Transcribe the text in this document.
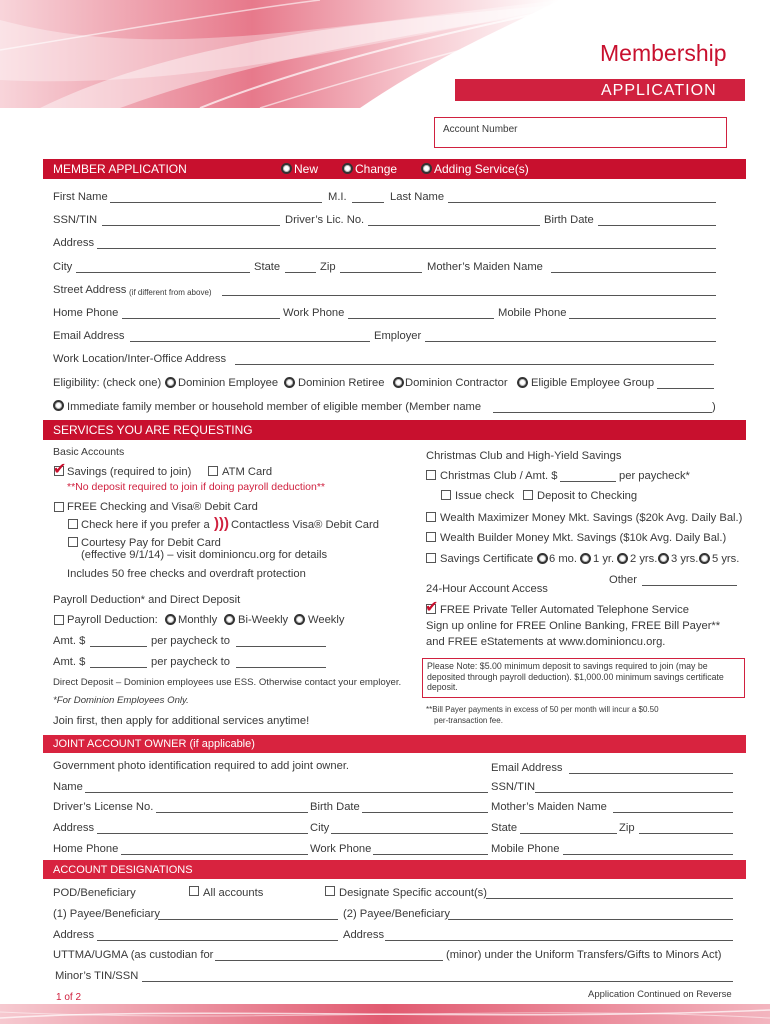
Membership
APPLICATION
Account Number
MEMBER APPLICATION	New	Change	Adding Service(s)
First Name	M.I.	Last Name
SSN/TIN	Driver’s Lic. No.	Birth Date
Address
City	State	Zip	Mother’s Maiden Name
Street Address (if different from above)
Home Phone	Work Phone	Mobile Phone
Email Address	Employer
Work Location/Inter-Office Address
Eligibility: (check one) Dominion Employee Dominion Retiree Dominion Contractor Eligible Employee Group
Immediate family member or household member of eligible member (Member name	)
SERVICES YOU ARE REQUESTING
Basic Accounts
✔ Savings (required to join)	ATM Card
**No deposit required to join if doing payroll deduction**
FREE Checking and Visa® Debit Card
Check here if you prefer a ))) Contactless Visa® Debit Card
Courtesy Pay for Debit Card
(effective 9/1/14) – visit dominioncu.org for details
Includes 50 free checks and overdraft protection
Payroll Deduction* and Direct Deposit
Payroll Deduction: Monthly Bi-Weekly Weekly
Amt. $	per paycheck to
Amt. $	per paycheck to
Direct Deposit – Dominion employees use ESS. Otherwise contact your employer.
*For Dominion Employees Only.
Join first, then apply for additional services anytime!
Christmas Club and High-Yield Savings
Christmas Club / Amt. $	per paycheck*
Issue check Deposit to Checking
Wealth Maximizer Money Mkt. Savings ($20k Avg. Daily Bal.)
Wealth Builder Money Mkt. Savings ($10k Avg. Daily Bal.)
Savings Certificate 6 mo. 1 yr. 2 yrs. 3 yrs. 5 yrs.
Other
24-Hour Account Access
✔ FREE Private Teller Automated Telephone Service
Sign up online for FREE Online Banking, FREE Bill Payer**
and FREE eStatements at www.dominioncu.org.
Please Note: $5.00 minimum deposit to savings required to join (may be deposited through payroll deduction). $1,000.00 minimum savings certificate deposit.
**Bill Payer payments in excess of 50 per month will incur a $0.50
per-transaction fee.
JOINT ACCOUNT OWNER (if applicable)
Government photo identification required to add joint owner.	Email Address
Name	SSN/TIN
Driver’s License No.	Birth Date	Mother’s Maiden Name
Address	City	State	Zip
Home Phone	Work Phone	Mobile Phone
ACCOUNT DESIGNATIONS
POD/Beneficiary	All accounts	Designate Specific account(s)
(1) Payee/Beneficiary	(2) Payee/Beneficiary
Address	Address
UTTMA/UGMA (as custodian for	(minor) under the Uniform Transfers/Gifts to Minors Act)
Minor’s TIN/SSN
1 of 2	Application Continued on Reverse
